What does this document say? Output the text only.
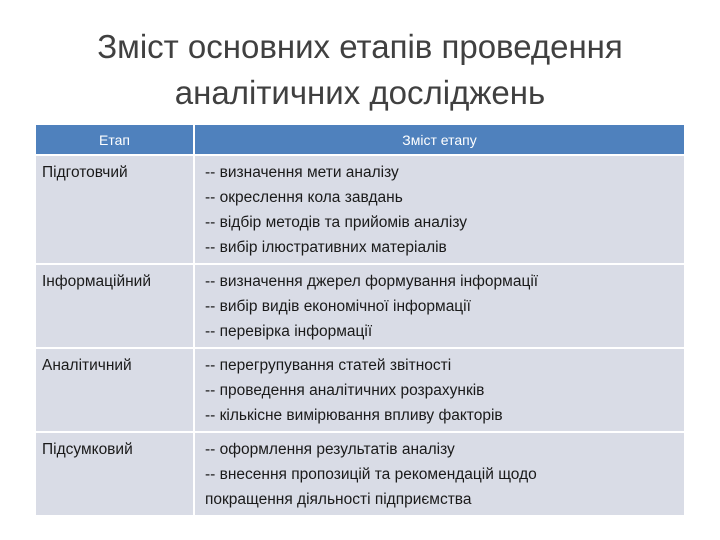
Зміст основних етапів проведення
аналітичних досліджень
Етап	Зміст етапу
Підготовчий	-- визначення мети аналізу
-- окреслення кола завдань
-- відбір методів та прийомів аналізу
-- вибір ілюстративних матеріалів

Інформаційний	-- визначення джерел формування інформації
-- вибір видів економічної інформації
-- перевірка інформації

Аналітичний	-- перегрупування статей звітності
-- проведення аналітичних розрахунків
-- кількісне вимірювання впливу факторів

Підсумковий	-- оформлення результатів аналізу
-- внесення пропозицій та рекомендацій щодо
покращення діяльності підприємства
